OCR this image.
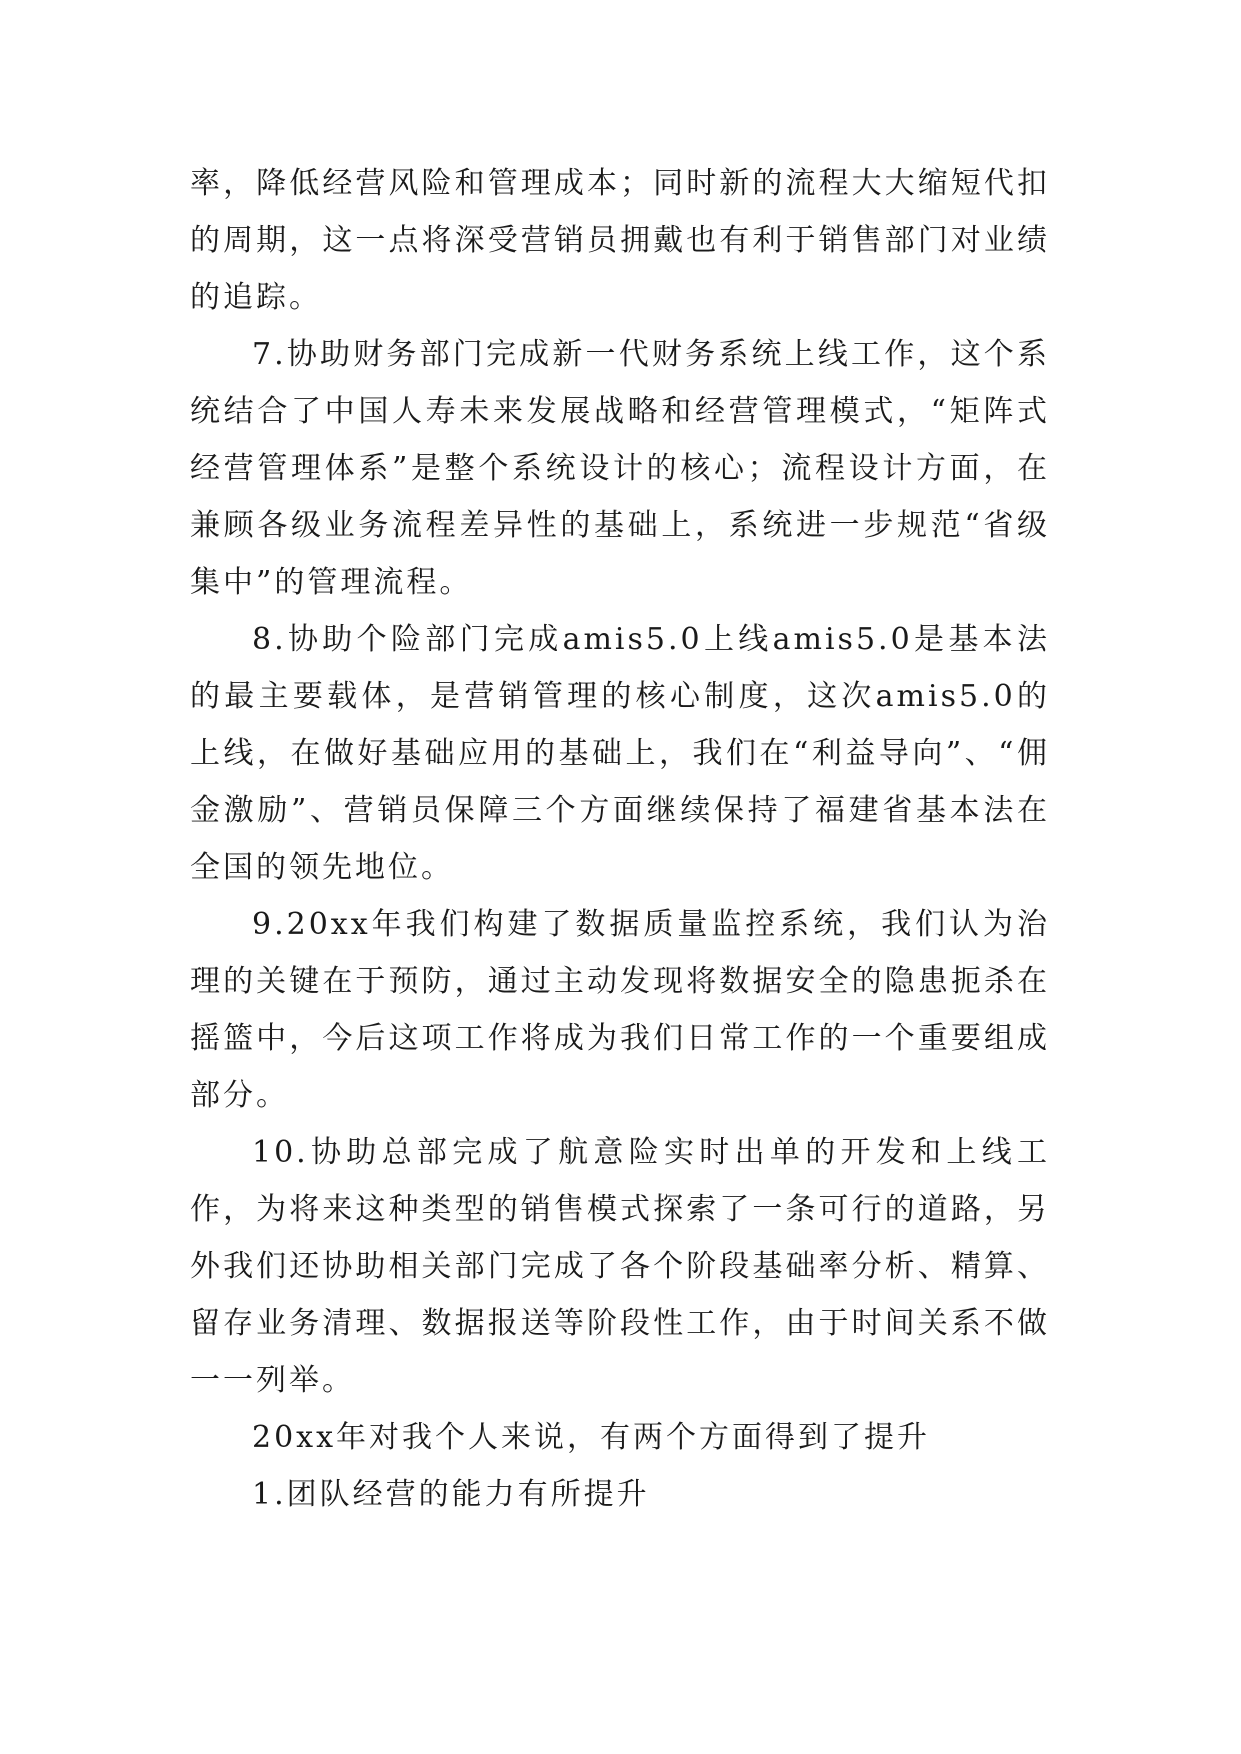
率，降低经营风险和管理成本；同时新的流程大大缩短代扣的周期，这一点将深受营销员拥戴也有利于销售部门对业绩的追踪。

7.协助财务部门完成新一代财务系统上线工作，这个系统结合了中国人寿未来发展战略和经营管理模式，“矩阵式经营管理体系”是整个系统设计的核心；流程设计方面，在兼顾各级业务流程差异性的基础上，系统进一步规范“省级集中”的管理流程。

8.协助个险部门完成amis5.0上线amis5.0是基本法的最主要载体，是营销管理的核心制度，这次amis5.0的上线，在做好基础应用的基础上，我们在“利益导向”、“佣金激励”、营销员保障三个方面继续保持了福建省基本法在全国的领先地位。

9.20xx年我们构建了数据质量监控系统，我们认为治理的关键在于预防，通过主动发现将数据安全的隐患扼杀在摇篮中，今后这项工作将成为我们日常工作的一个重要组成部分。

10.协助总部完成了航意险实时出单的开发和上线工作，为将来这种类型的销售模式探索了一条可行的道路，另外我们还协助相关部门完成了各个阶段基础率分析、精算、留存业务清理、数据报送等阶段性工作，由于时间关系不做一一列举。

20xx年对我个人来说，有两个方面得到了提升

1.团队经营的能力有所提升
